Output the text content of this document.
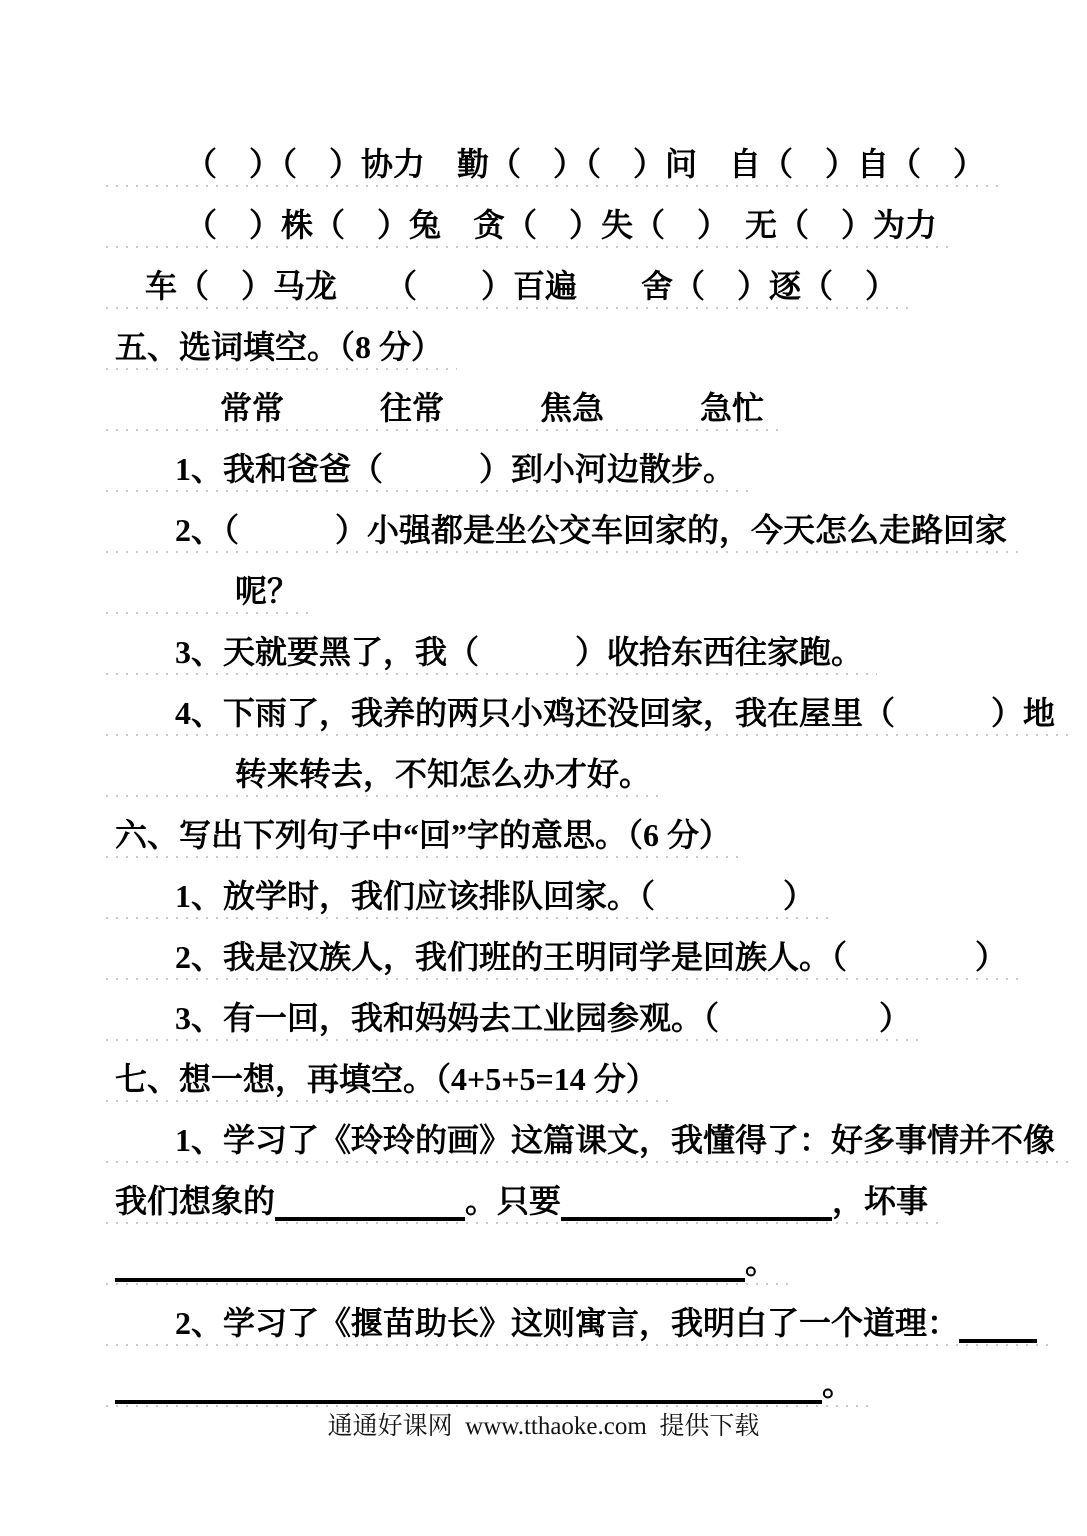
（　）（　）协力　勤（　）（　）问　自（　）自（　）
（　）株（　）兔　贪（　）失（　）　无（　）为力
车（　）马龙　　（　　）百遍　　舍（　）逐（　）
五、选词填空。（8 分）
常常　　　往常　　　焦急　　　急忙
1、我和爸爸（　　　）到小河边散步。
2、（　　　）小强都是坐公交车回家的，今天怎么走路回家
呢？
3、天就要黑了，我（　　　）收拾东西往家跑。
4、下雨了，我养的两只小鸡还没回家，我在屋里（　　　）地
转来转去，不知怎么办才好。
六、写出下列句子中“回”字的意思。（6 分）
1、放学时，我们应该排队回家。（　　　　）
2、我是汉族人，我们班的王明同学是回族人。（　　　　）
3、有一回，我和妈妈去工业园参观。（　　　　　）
七、想一想，再填空。（4+5+5=14 分）
1、学习了《玲玲的画》这篇课文，我懂得了：好多事情并不像
我们想象的	。只要	，坏事
。
2、学习了《揠苗助长》这则寓言，我明白了一个道理：
。
通通好课网  www.tthaoke.com  提供下载
